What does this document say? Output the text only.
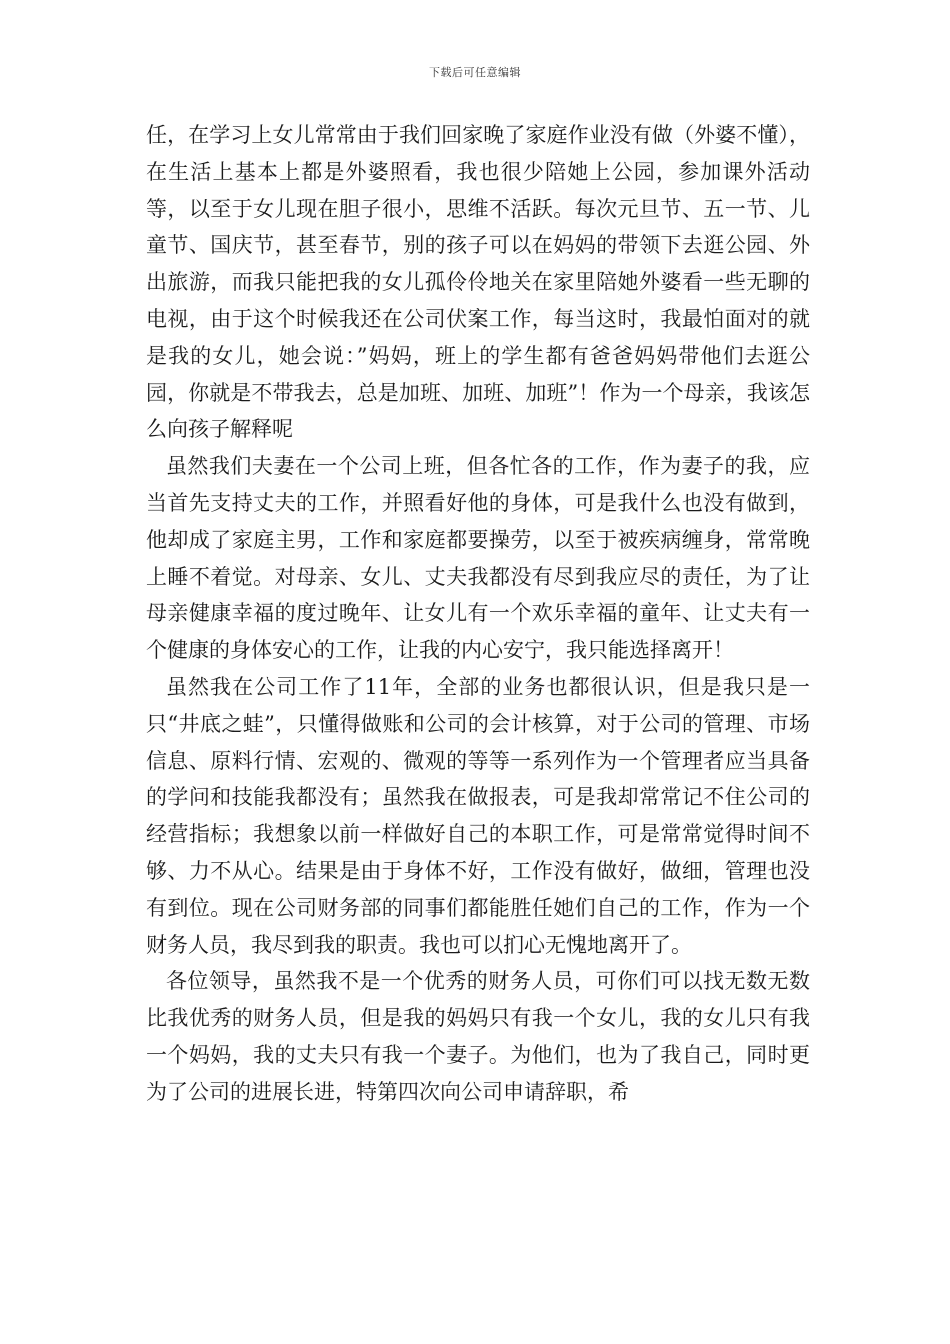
下载后可任意编辑

任，在学习上女儿常常由于我们回家晚了家庭作业没有做（外婆不懂），在生活上基本上都是外婆照看，我也很少陪她上公园，参加课外活动等，以至于女儿现在胆子很小，思维不活跃。每次元旦节、五一节、儿童节、国庆节，甚至春节，别的孩子可以在妈妈的带领下去逛公园、外出旅游，而我只能把我的女儿孤伶伶地关在家里陪她外婆看一些无聊的电视，由于这个时候我还在公司伏案工作，每当这时，我最怕面对的就是我的女儿，她会说：”妈妈，班上的学生都有爸爸妈妈带他们去逛公园，你就是不带我去，总是加班、加班、加班”！作为一个母亲，我该怎么向孩子解释呢

虽然我们夫妻在一个公司上班，但各忙各的工作，作为妻子的我，应当首先支持丈夫的工作，并照看好他的身体，可是我什么也没有做到，他却成了家庭主男，工作和家庭都要操劳，以至于被疾病缠身，常常晚上睡不着觉。对母亲、女儿、丈夫我都没有尽到我应尽的责任，为了让母亲健康幸福的度过晚年、让女儿有一个欢乐幸福的童年、让丈夫有一个健康的身体安心的工作，让我的内心安宁，我只能选择离开！

虽然我在公司工作了11年，全部的业务也都很认识，但是我只是一只“井底之蛙”，只懂得做账和公司的会计核算，对于公司的管理、市场信息、原料行情、宏观的、微观的等等一系列作为一个管理者应当具备的学问和技能我都没有；虽然我在做报表，可是我却常常记不住公司的经营指标；我想象以前一样做好自己的本职工作，可是常常觉得时间不够、力不从心。结果是由于身体不好，工作没有做好，做细，管理也没有到位。现在公司财务部的同事们都能胜任她们自己的工作，作为一个财务人员，我尽到我的职责。我也可以扪心无愧地离开了。

各位领导，虽然我不是一个优秀的财务人员，可你们可以找无数无数比我优秀的财务人员，但是我的妈妈只有我一个女儿，我的女儿只有我一个妈妈，我的丈夫只有我一个妻子。为他们，也为了我自己，同时更为了公司的进展长进，特第四次向公司申请辞职，希
